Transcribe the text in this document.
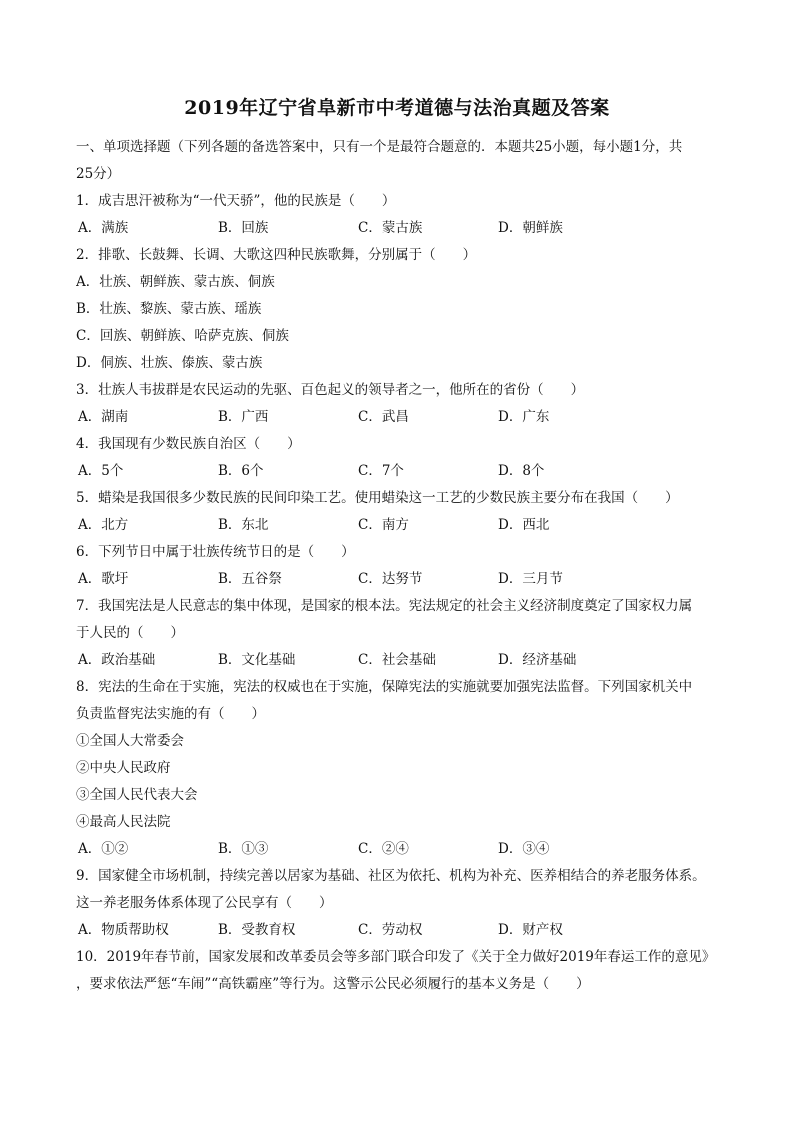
2019年辽宁省阜新市中考道德与法治真题及答案
一、单项选择题（下列各题的备选答案中，只有一个是最符合题意的．本题共25小题，每小题1分，共
25分）
1．成吉思汗被称为“一代天骄”，他的民族是（　　）
A．满族	B．回族	C．蒙古族	D．朝鲜族
2．排歌、长鼓舞、长调、大歌这四种民族歌舞，分别属于（　　）
A．壮族、朝鲜族、蒙古族、侗族
B．壮族、黎族、蒙古族、瑶族
C．回族、朝鲜族、哈萨克族、侗族
D．侗族、壮族、傣族、蒙古族
3．壮族人韦拔群是农民运动的先驱、百色起义的领导者之一，他所在的省份（　　）
A．湖南	B．广西	C．武昌	D．广东
4．我国现有少数民族自治区（　　）
A．5个	B．6个	C．7个	D．8个
5．蜡染是我国很多少数民族的民间印染工艺。使用蜡染这一工艺的少数民族主要分布在我国（　　）
A．北方	B．东北	C．南方	D．西北
6．下列节日中属于壮族传统节日的是（　　）
A．歌圩	B．五谷祭	C．达努节	D．三月节
7．我国宪法是人民意志的集中体现，是国家的根本法。宪法规定的社会主义经济制度奠定了国家权力属
于人民的（　　）
A．政治基础	B．文化基础	C．社会基础	D．经济基础
8．宪法的生命在于实施，宪法的权威也在于实施，保障宪法的实施就要加强宪法监督。下列国家机关中
负责监督宪法实施的有（　　）
①全国人大常委会
②中央人民政府
③全国人民代表大会
④最高人民法院
A．①②	B．①③	C．②④	D．③④
9．国家健全市场机制，持续完善以居家为基础、社区为依托、机构为补充、医养相结合的养老服务体系。
这一养老服务体系体现了公民享有（　　）
A．物质帮助权	B．受教育权	C．劳动权	D．财产权
10．2019年春节前，国家发展和改革委员会等多部门联合印发了《关于全力做好2019年春运工作的意见》
，要求依法严惩“车闹”“高铁霸座”等行为。这警示公民必须履行的基本义务是（　　）
